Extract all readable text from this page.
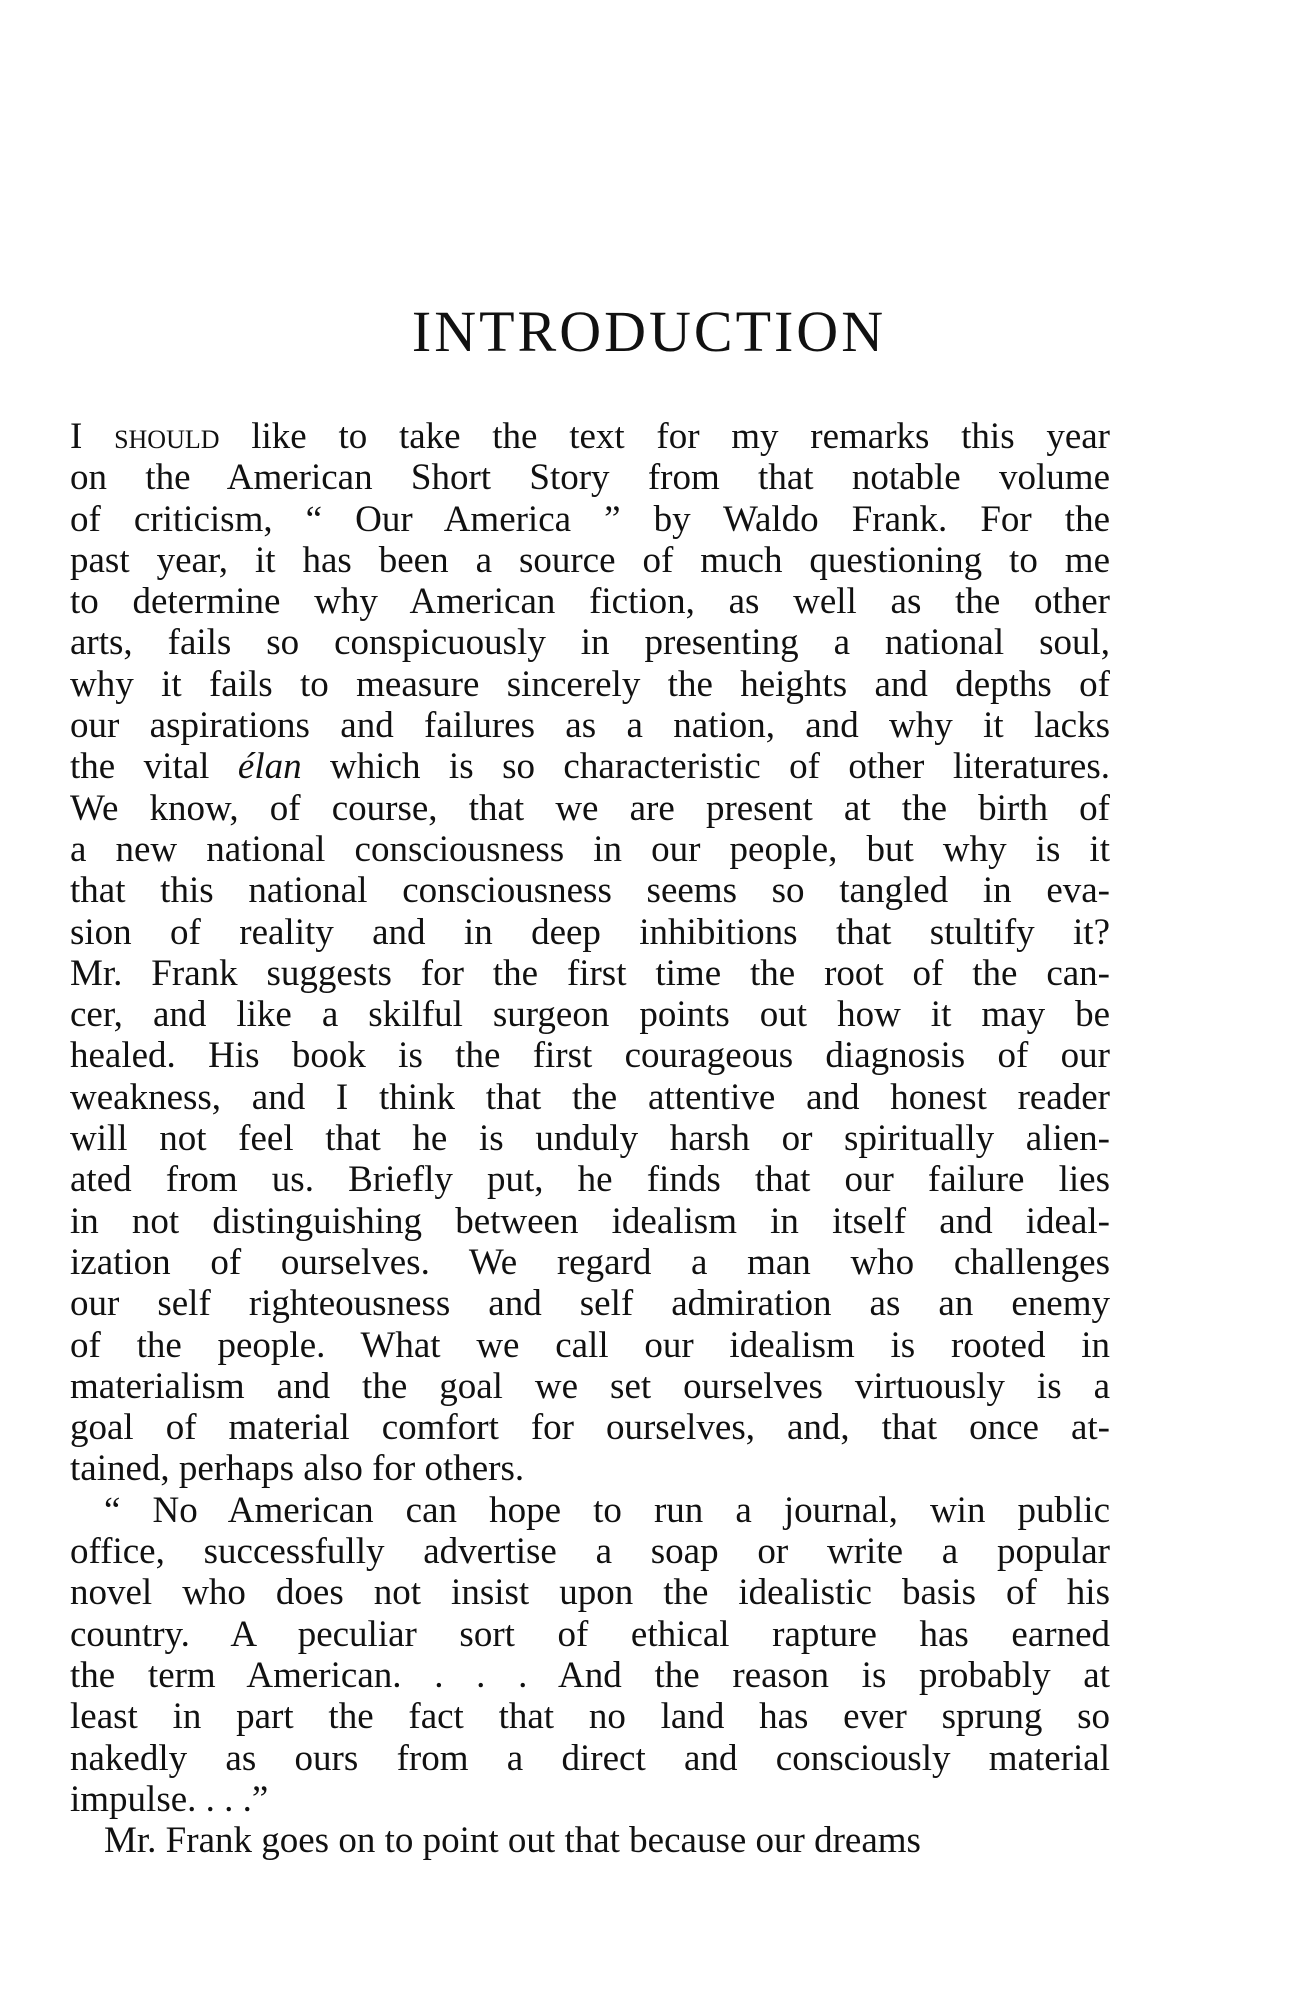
INTRODUCTION
I should like to take the text for my remarks this year
on the American Short Story from that notable volume
of criticism, “ Our America ” by Waldo Frank. For the
past year, it has been a source of much questioning to me
to determine why American fiction, as well as the other
arts, fails so conspicuously in presenting a national soul,
why it fails to measure sincerely the heights and depths of
our aspirations and failures as a nation, and why it lacks
the vital élan which is so characteristic of other literatures.
We know, of course, that we are present at the birth of
a new national consciousness in our people, but why is it
that this national consciousness seems so tangled in eva-
sion of reality and in deep inhibitions that stultify it?
Mr. Frank suggests for the first time the root of the can-
cer, and like a skilful surgeon points out how it may be
healed. His book is the first courageous diagnosis of our
weakness, and I think that the attentive and honest reader
will not feel that he is unduly harsh or spiritually alien-
ated from us. Briefly put, he finds that our failure lies
in not distinguishing between idealism in itself and ideal-
ization of ourselves. We regard a man who challenges
our self righteousness and self admiration as an enemy
of the people. What we call our idealism is rooted in
materialism and the goal we set ourselves virtuously is a
goal of material comfort for ourselves, and, that once at-
tained, perhaps also for others.
“ No American can hope to run a journal, win public
office, successfully advertise a soap or write a popular
novel who does not insist upon the idealistic basis of his
country. A peculiar sort of ethical rapture has earned
the term American. . . . And the reason is probably at
least in part the fact that no land has ever sprung so
nakedly as ours from a direct and consciously material
impulse. . . .”
Mr. Frank goes on to point out that because our dreams
